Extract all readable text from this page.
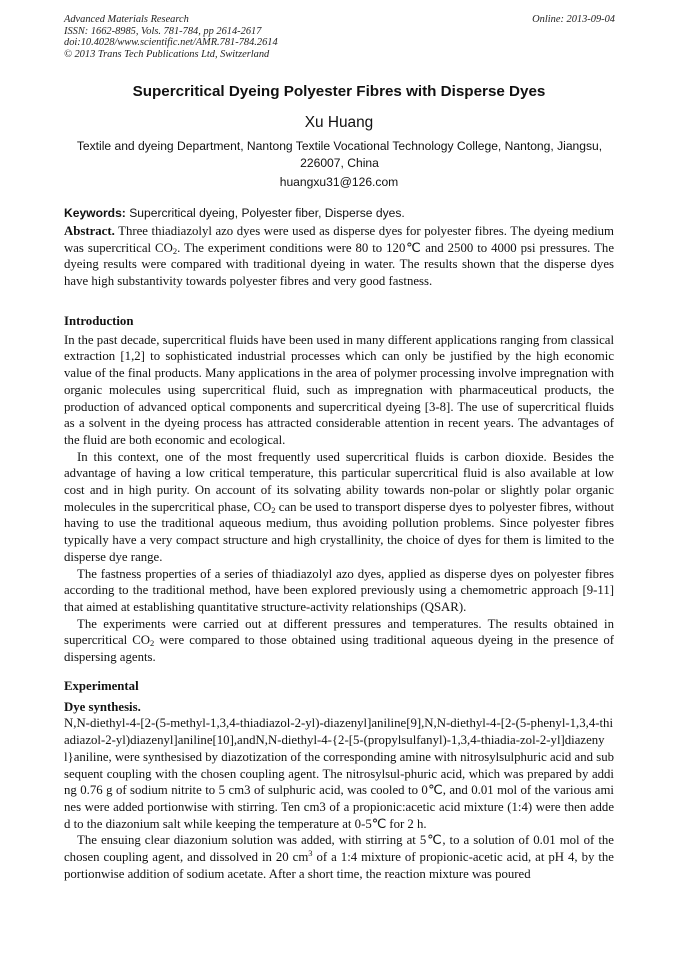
Advanced Materials Research
ISSN: 1662-8985, Vols. 781-784, pp 2614-2617
doi:10.4028/www.scientific.net/AMR.781-784.2614
© 2013 Trans Tech Publications Ltd, Switzerland
Online: 2013-09-04
Supercritical Dyeing Polyester Fibres with Disperse Dyes
Xu Huang
Textile and dyeing Department, Nantong Textile Vocational Technology College, Nantong, Jiangsu, 226007, China
huangxu31@126.com
Keywords: Supercritical dyeing, Polyester fiber, Disperse dyes.

Abstract. Three thiadiazolyl azo dyes were used as disperse dyes for polyester fibres. The dyeing medium was supercritical $CO_2$. The experiment conditions were 80 to 120℃ and 2500 to 4000 psi pressures. The dyeing results were compared with traditional dyeing in water. The results shown that the disperse dyes have high substantivity towards polyester fibres and very good fastness.

Introduction

In the past decade, supercritical fluids have been used in many different applications ranging from classical extraction [1,2] to sophisticated industrial processes which can only be justified by the high economic value of the final products. Many applications in the area of polymer processing involve impregnation with organic molecules using supercritical fluid, such as impregnation with pharmaceutical products, the production of advanced optical components and supercritical dyeing [3-8]. The use of supercritical fluids as a solvent in the dyeing process has attracted considerable attention in recent years. The advantages of the fluid are both economic and ecological.

In this context, one of the most frequently used supercritical fluids is carbon dioxide. Besides the advantage of having a low critical temperature, this particular supercritical fluid is also available at low cost and in high purity. On account of its solvating ability towards non-polar or slightly polar organic molecules in the supercritical phase, $CO_2$ can be used to transport disperse dyes to polyester fibres, without having to use the traditional aqueous medium, thus avoiding pollution problems. Since polyester fibres typically have a very compact structure and high crystallinity, the choice of dyes for them is limited to the disperse dye range.

The fastness properties of a series of thiadiazolyl azo dyes, applied as disperse dyes on polyester fibres according to the traditional method, have been explored previously using a chemometric approach [9-11] that aimed at establishing quantitative structure-activity relationships (QSAR).

The experiments were carried out at different pressures and temperatures. The results obtained in supercritical $CO_2$ were compared to those obtained using traditional aqueous dyeing in the presence of dispersing agents.

Experimental

Dye synthesis.

N,N-diethyl-4-[2-(5-methyl-1,3,4-thiadiazol-2-yl)-diazenyl]aniline[9],N,N-diethyl-4-[2-(5-phenyl-1,3,4-thiadiazol-2-yl)diazenyl]aniline[10],andN,N-diethyl-4-{2-[5-(propylsulfanyl)-1,3,4-thiadia-zol-2-yl]diazenyl}aniline, were synthesised by diazotization of the corresponding amine with nitrosylsulphuric acid and subsequent coupling with the chosen coupling agent. The nitrosylsul-phuric acid, which was prepared by adding 0.76 g of sodium nitrite to 5 cm3 of sulphuric acid, was cooled to 0℃, and 0.01 mol of the various amines were added portionwise with stirring. Ten cm3 of a propionic:acetic acid mixture (1:4) were then added to the diazonium salt while keeping the temperature at 0-5℃ for 2 h.

The ensuing clear diazonium solution was added, with stirring at 5℃, to a solution of 0.01 mol of the chosen coupling agent, and dissolved in 20 $cm^3$ of a 1:4 mixture of propionic-acetic acid, at pH 4, by the portionwise addition of sodium acetate. After a short time, the reaction mixture was poured
